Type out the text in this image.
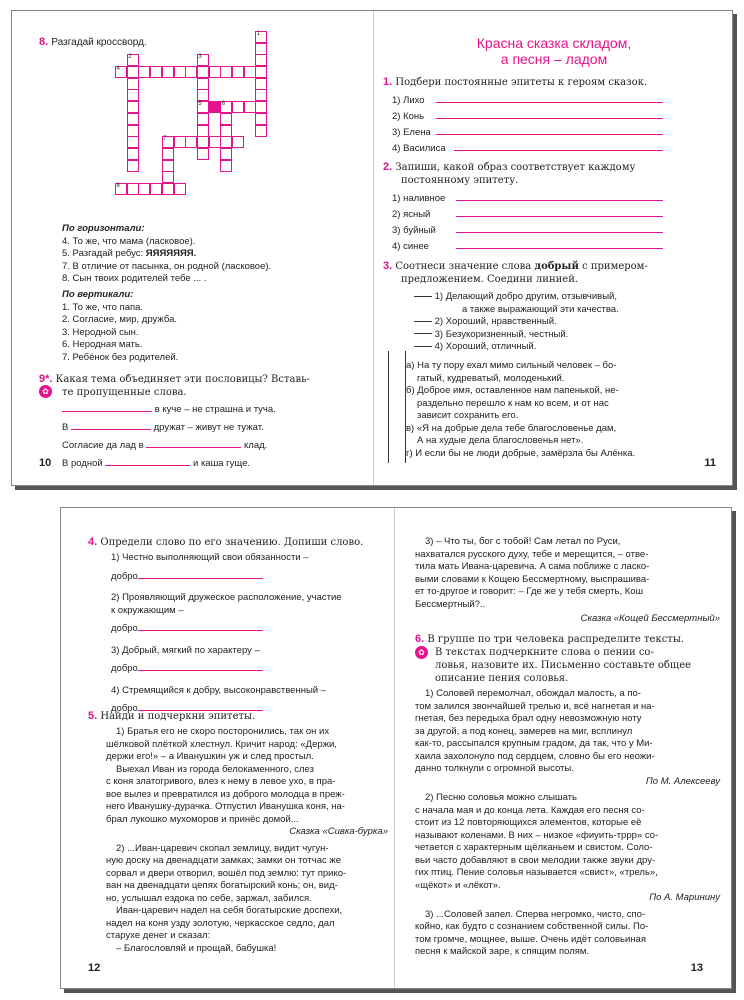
8. Разгадай кроссворд.
1
2	3
4
5	6
7
8
По горизонтали:
4. То же, что мама (ласковое).
5. Разгадай ребус: ЯЯЯЯЯЯЯ.
7. В отличие от пасынка, он родной (ласковое).
8. Сын твоих родителей тебе ... .
По вертикали:
1. То же, что папа.
2. Согласие, мир, дружба.
3. Неродной сын.
6. Неродная мать.
7. Ребёнок без родителей.
9*. Какая тема объединяет эти пословицы? Вставь-
те пропущенные слова.
✿
в куче – не страшна и туча.
В	дружат – живут не тужат.
Согласие да лад в	клад.
В родной	и каша гуще.
10
Красна сказка складом,
а песня – ладом
1. Подбери постоянные эпитеты к героям сказок.
1) Лихо
2) Конь
3) Елена
4) Василиса
2. Запиши, какой образ соответствует каждому
постоянному эпитету.
1) наливное
2) ясный
3) буйный
4) синее
3. Соотнеси значение слова добрый с примером-
предложением. Соедини линией.
1) Делающий добро другим, отзывчивый,
а также выражающий эти качества.
2) Хороший, нравственный.
3) Безукоризненный, честный.
4) Хороший, отличный.
а) На ту пору ехал мимо сильный человек – бо-
гатый, кудреватый, молоденький.
б) Доброе имя, оставленное нам папенькой, не-
раздельно перешло к нам ко всем, и от нас
зависит сохранить его.
в) «Я на добрые дела тебе благословенье дам,
А на худые дела благословенья нет».
г) И если бы не люди добрые, замёрзла бы Алёнка.
11
4. Определи слово по его значению. Допиши слово.
1) Честно выполняющий свои обязанности –
добро
2) Проявляющий дружеское расположение, участие
к окружающим –
добро
3) Добрый, мягкий по характеру –
добро
4) Стремящийся к добру, высоконравственный –
добро
5. Найди и подчеркни эпитеты.
1) Братья его не скоро посторонились, так он их
шёлковой плёткой хлестнул. Кричит народ: «Держи,
держи его!» – а Иванушкин уж и след простыл.
Выехал Иван из города белокаменного, слез
с коня златогривого, влез к нему в левое ухо, в пра-
вое вылез и превратился из доброго молодца в преж-
него Иванушку-дурачка. Отпустил Иванушка коня, на-
брал лукошко мухоморов и принёс домой...
Сказка «Сивка-бурка»
2) ...Иван-царевич скопал землицу, видит чугун-
ную доску на двенадцати замках; замки он тотчас же
сорвал и двери отворил, вошёл под землю: тут прико-
ван на двенадцати цепях богатырский конь; он, вид-
но, услышал ездока по себе, заржал, забился.
Иван-царевич надел на себя богатырские доспехи,
надел на коня узду золотую, черкасское седло, дал
старухе денег и сказал:
– Благословляй и прощай, бабушка!
12
3) – Что ты, бог с тобой! Сам летал по Руси,
нахватался русского духу, тебе и мерещится, – отве-
тила мать Ивана-царевича. А сама поближе с ласко-
выми словами к Кощею Бессмертному, выспрашива-
ет то-другое и говорит: – Где же у тебя смерть, Кош
Бессмертный?..
Сказка «Кощей Бессмертный»
6. В группе по три человека распределите тексты.
✿	В текстах подчеркните слова о пении со-
ловья, назовите их. Письменно составьте общее
описание пения соловья.
1) Соловей перемолчал, обождал малость, а по-
том залился звончайшей трелью и, всё нагнетая и на-
гнетая, без передыха брал одну невозможную ноту
за другой, а под конец, замерев на миг, всплинул
как-то, рассыпался крупным градом, да так, что у Ми-
хаила захолонуло под сердцем, словно бы его неожи-
данно толкнули с огромной высоты.
По М. Алексееву
2) Песню соловья можно слышать
с начала мая и до конца лета. Каждая его песня со-
стоит из 12 повторяющихся элементов, которые её
называют коленами. В них – низкое «фиуить-тррр» со-
четается с характерным щёлканьем и свистом. Соло-
вьи часто добавляют в свои мелодии также звуки дру-
гих птиц. Пение соловья называется «свист», «трель»,
«щёкот» и «лёкот».
По А. Маринину
3) ...Соловей запел. Сперва негромко, чисто, спо-
койно, как будто с сознанием собственной силы. По-
том громче, мощнее, выше. Очень идёт соловьиная
песня к майской заре, к спящим полям.
13
